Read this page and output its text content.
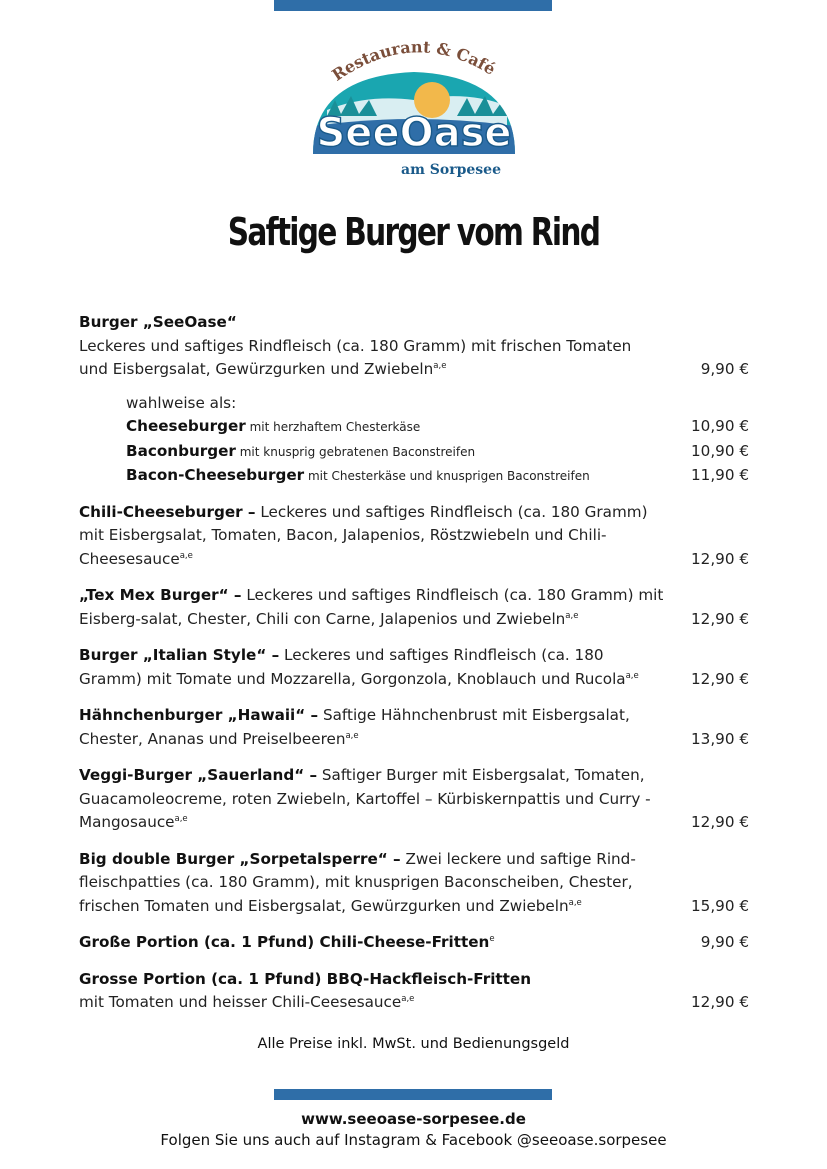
Restaurant & Café
SeeOase
am Sorpesee
Saftige Burger vom Rind
Burger „SeeOase“
Leckeres und saftiges Rindfleisch (ca. 180 Gramm) mit frischen Tomaten und Eisbergsalat, Gewürzgurken und Zwiebeln$^{a,e}$	9,90 €
wahlweise als:
Cheeseburger mit herzhaftem Chesterkäse	10,90 €
Baconburger mit knusprig gebratenen Baconstreifen	10,90 €
Bacon-Cheeseburger mit Chesterkäse und knusprigen Baconstreifen	11,90 €
Chili-Cheeseburger – Leckeres und saftiges Rindfleisch (ca. 180 Gramm) mit Eisbergsalat, Tomaten, Bacon, Jalapenios, Röstzwiebeln und Chili-Cheesesauce$^{a,e}$	12,90 €
„Tex Mex Burger“ – Leckeres und saftiges Rindfleisch (ca. 180 Gramm) mit Eisberg-salat, Chester, Chili con Carne, Jalapenios und Zwiebeln$^{a,e}$	12,90 €
Burger „Italian Style“ – Leckeres und saftiges Rindfleisch (ca. 180 Gramm) mit Tomate und Mozzarella, Gorgonzola, Knoblauch und Rucola$^{a,e}$	12,90 €
Hähnchenburger „Hawaii“ – Saftige Hähnchenbrust mit Eisbergsalat, Chester, Ananas und Preiselbeeren$^{a,e}$	13,90 €
Veggi-Burger „Sauerland“ – Saftiger Burger mit Eisbergsalat, Tomaten, Guacamoleocreme, roten Zwiebeln, Kartoffel – Kürbiskernpattis und Curry - Mangosauce$^{a,e}$	12,90 €
Big double Burger „Sorpetalsperre“ – Zwei leckere und saftige Rind-fleischpatties (ca. 180 Gramm), mit knusprigen Baconscheiben, Chester, frischen Tomaten und Eisbergsalat, Gewürzgurken und Zwiebeln$^{a,e}$	15,90 €
Große Portion (ca. 1 Pfund) Chili-Cheese-Fritten$^e$	9,90 €
Grosse Portion (ca. 1 Pfund) BBQ-Hackfleisch-Fritten
mit Tomaten und heisser Chili-Ceesesauce$^{a,e}$	12,90 €
Alle Preise inkl. MwSt. und Bedienungsgeld
www.seeoase-sorpesee.de
Folgen Sie uns auch auf Instagram & Facebook @seeoase.sorpesee
